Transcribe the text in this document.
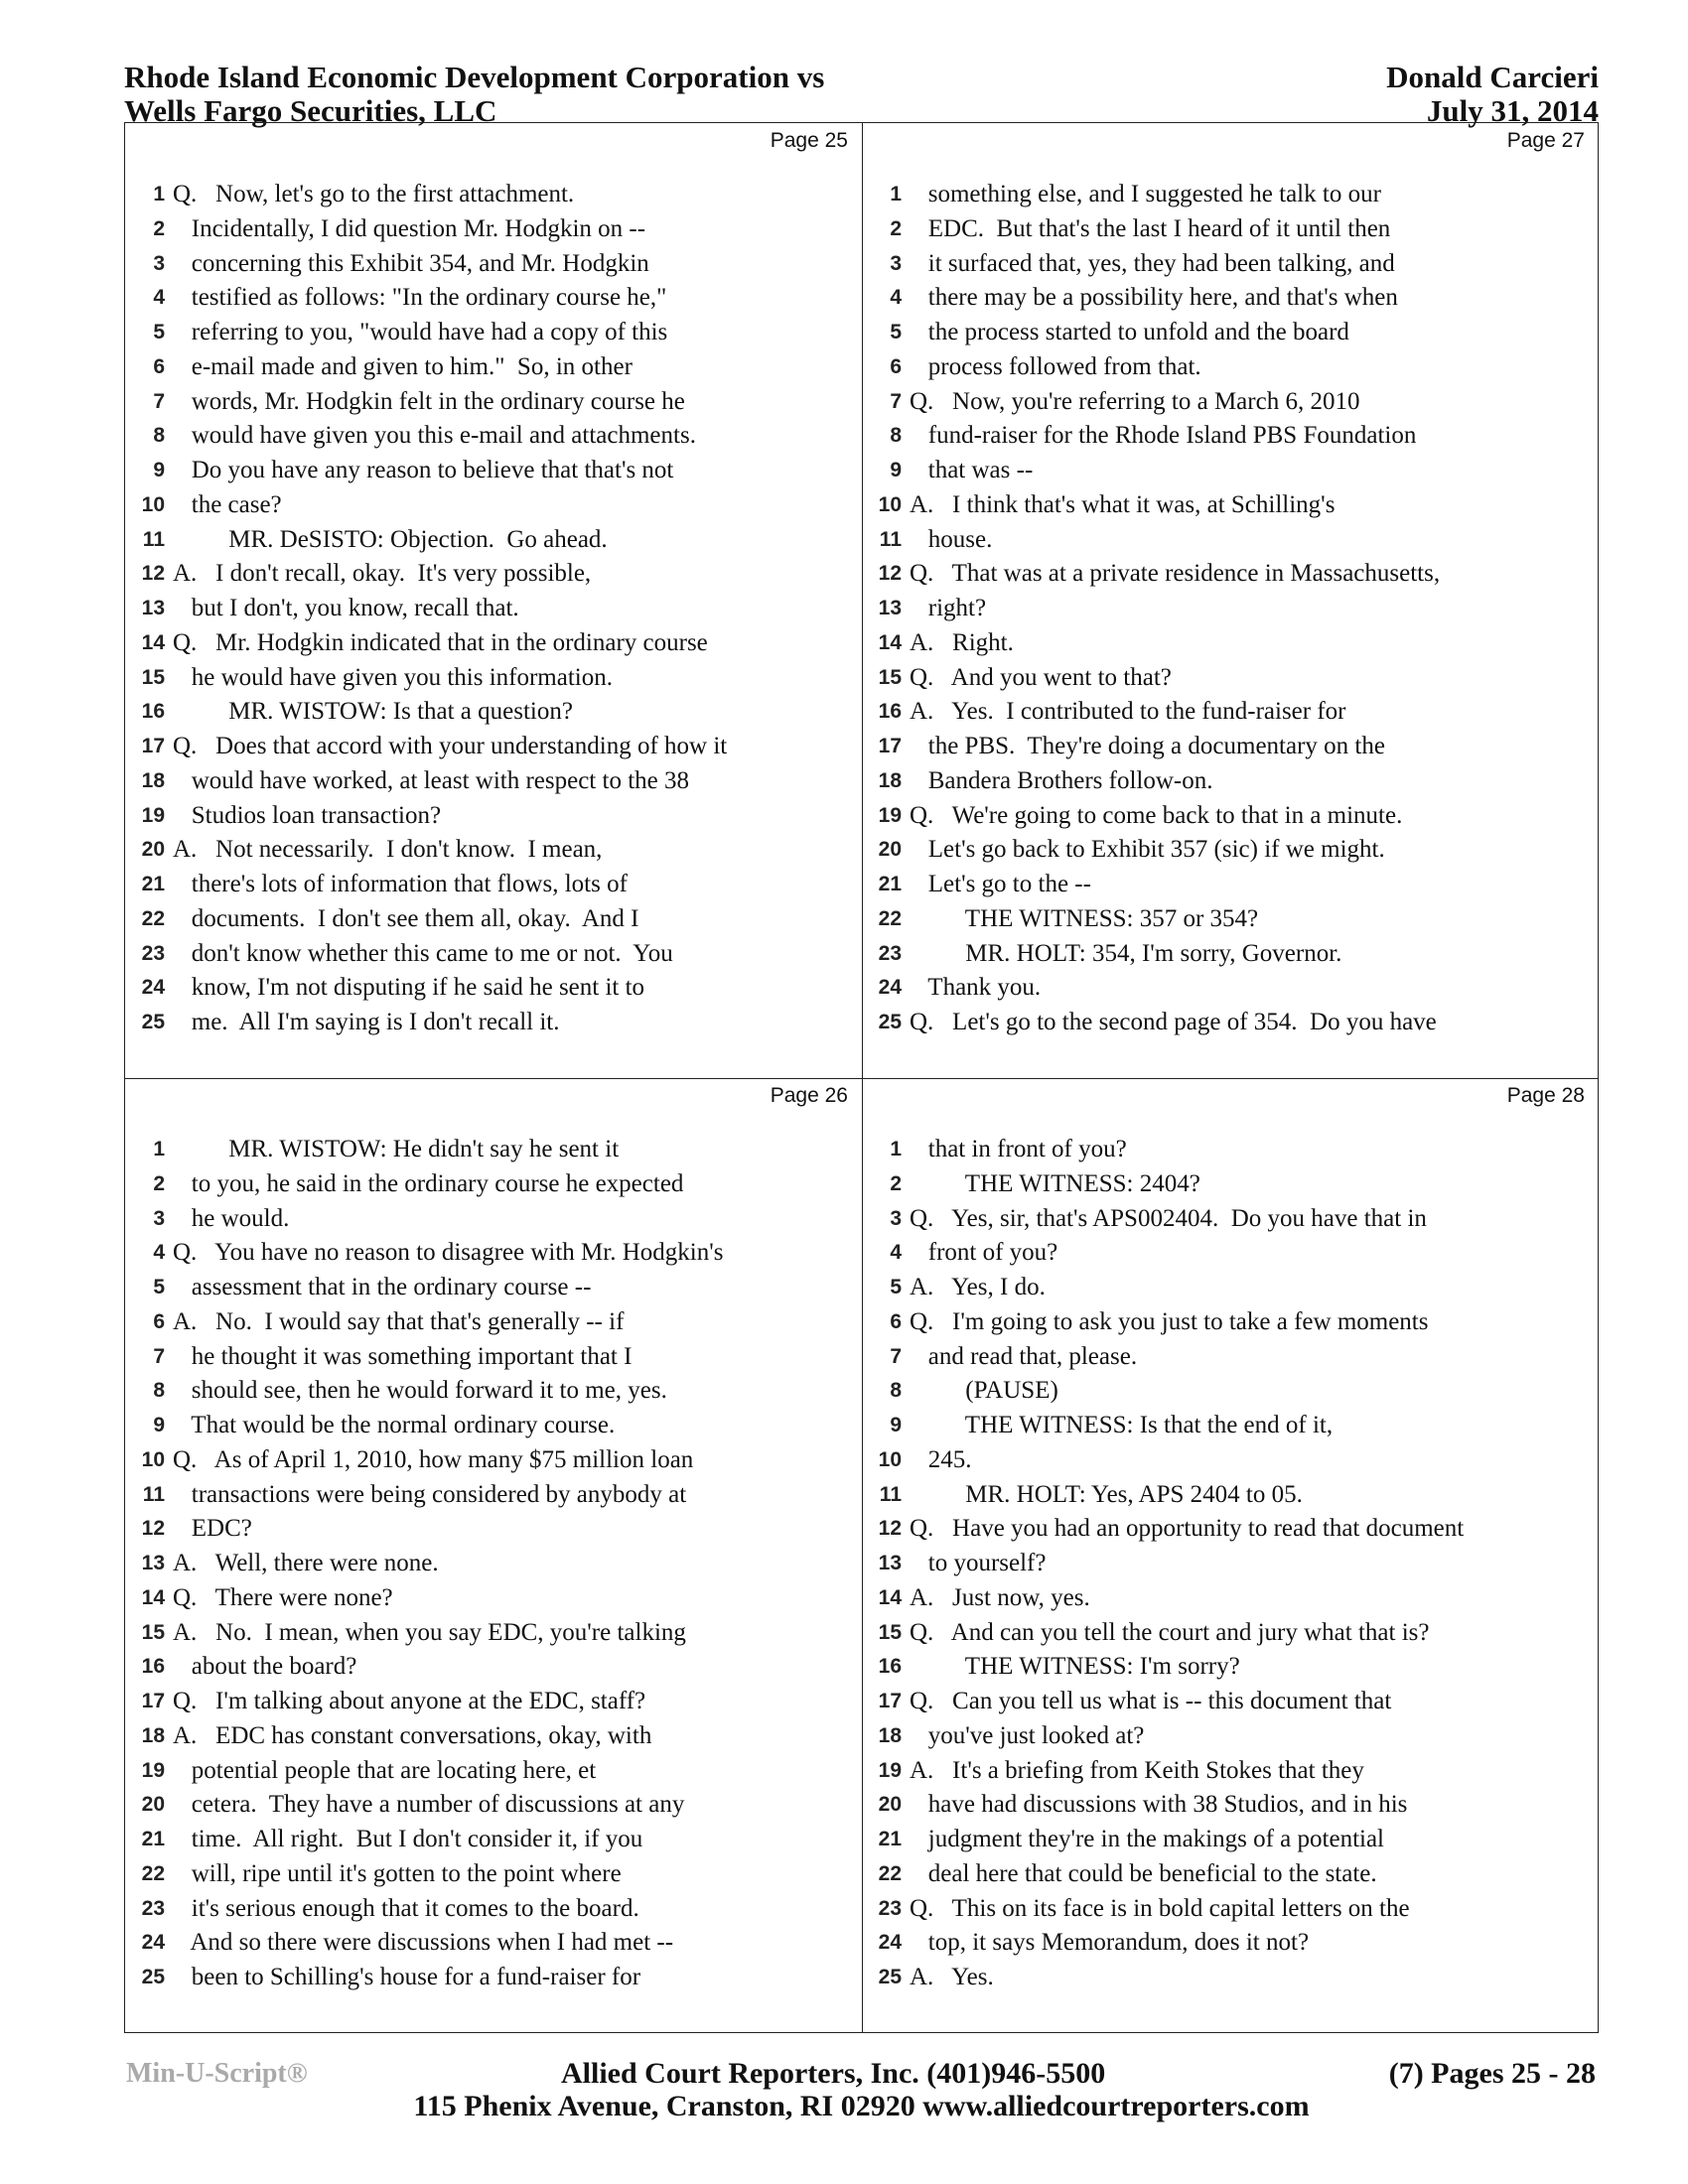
Rhode Island Economic Development Corporation vs
Wells Fargo Securities, LLC
Donald Carcieri
July 31, 2014
Page 25
1 Q.   Now, let's go to the first attachment.
2 Incidentally, I did question Mr. Hodgkin on --
3 concerning this Exhibit 354, and Mr. Hodgkin
4 testified as follows: "In the ordinary course he,"
5 referring to you, "would have had a copy of this
6 e-mail made and given to him."  So, in other
7 words, Mr. Hodgkin felt in the ordinary course he
8 would have given you this e-mail and attachments.
9 Do you have any reason to believe that that's not
10 the case?
11 MR. DeSISTO: Objection.  Go ahead.
12 A.   I don't recall, okay.  It's very possible,
13 but I don't, you know, recall that.
14 Q.   Mr. Hodgkin indicated that in the ordinary course
15 he would have given you this information.
16 MR. WISTOW: Is that a question?
17 Q.   Does that accord with your understanding of how it
18 would have worked, at least with respect to the 38
19 Studios loan transaction?
20 A.   Not necessarily.  I don't know.  I mean,
21 there's lots of information that flows, lots of
22 documents.  I don't see them all, okay.  And I
23 don't know whether this came to me or not.  You
24 know, I'm not disputing if he said he sent it to
25 me.  All I'm saying is I don't recall it.
Page 27
1 something else, and I suggested he talk to our
2 EDC.  But that's the last I heard of it until then
3 it surfaced that, yes, they had been talking, and
4 there may be a possibility here, and that's when
5 the process started to unfold and the board
6 process followed from that.
7 Q.   Now, you're referring to a March 6, 2010
8 fund-raiser for the Rhode Island PBS Foundation
9 that was --
10 A.   I think that's what it was, at Schilling's
11 house.
12 Q.   That was at a private residence in Massachusetts,
13 right?
14 A.   Right.
15 Q.   And you went to that?
16 A.   Yes.  I contributed to the fund-raiser for
17 the PBS.  They're doing a documentary on the
18 Bandera Brothers follow-on.
19 Q.   We're going to come back to that in a minute.
20 Let's go back to Exhibit 357 (sic) if we might.
21 Let's go to the --
22 THE WITNESS: 357 or 354?
23 MR. HOLT: 354, I'm sorry, Governor.
24 Thank you.
25 Q.   Let's go to the second page of 354.  Do you have
Page 26
1 MR. WISTOW: He didn't say he sent it
2 to you, he said in the ordinary course he expected
3 he would.
4 Q.   You have no reason to disagree with Mr. Hodgkin's
5 assessment that in the ordinary course --
6 A.   No.  I would say that that's generally -- if
7 he thought it was something important that I
8 should see, then he would forward it to me, yes.
9 That would be the normal ordinary course.
10 Q.   As of April 1, 2010, how many $75 million loan
11 transactions were being considered by anybody at
12 EDC?
13 A.   Well, there were none.
14 Q.   There were none?
15 A.   No.  I mean, when you say EDC, you're talking
16 about the board?
17 Q.   I'm talking about anyone at the EDC, staff?
18 A.   EDC has constant conversations, okay, with
19 potential people that are locating here, et
20 cetera.  They have a number of discussions at any
21 time.  All right.  But I don't consider it, if you
22 will, ripe until it's gotten to the point where
23 it's serious enough that it comes to the board.
24 And so there were discussions when I had met --
25 been to Schilling's house for a fund-raiser for
Page 28
1 that in front of you?
2 THE WITNESS: 2404?
3 Q.   Yes, sir, that's APS002404.  Do you have that in
4 front of you?
5 A.   Yes, I do.
6 Q.   I'm going to ask you just to take a few moments
7 and read that, please.
8 (PAUSE)
9 THE WITNESS: Is that the end of it,
10 245.
11 MR. HOLT: Yes, APS 2404 to 05.
12 Q.   Have you had an opportunity to read that document
13 to yourself?
14 A.   Just now, yes.
15 Q.   And can you tell the court and jury what that is?
16 THE WITNESS: I'm sorry?
17 Q.   Can you tell us what is -- this document that
18 you've just looked at?
19 A.   It's a briefing from Keith Stokes that they
20 have had discussions with 38 Studios, and in his
21 judgment they're in the makings of a potential
22 deal here that could be beneficial to the state.
23 Q.   This on its face is in bold capital letters on the
24 top, it says Memorandum, does it not?
25 A.   Yes.
Min-U-Script®	Allied Court Reporters, Inc. (401)946-5500	(7) Pages 25 - 28
115 Phenix Avenue, Cranston, RI 02920 www.alliedcourtreporters.com
